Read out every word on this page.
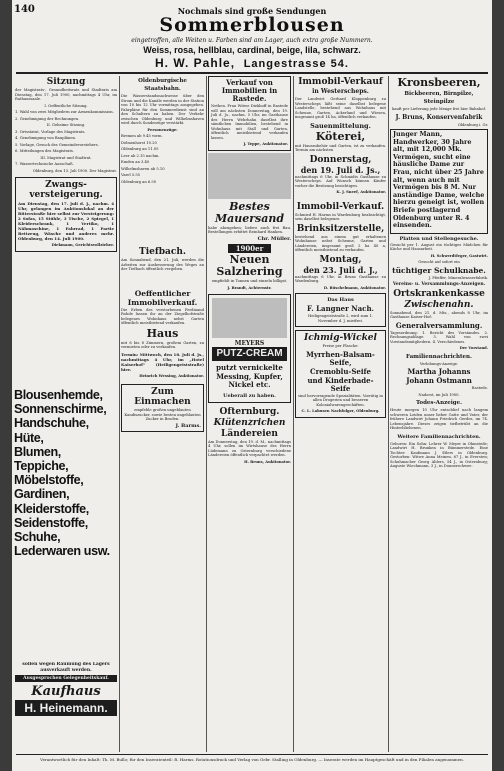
140	Nochmals sind große Sendungen
Sommerblousen
eingetroffen, alle Weiten u. Farben sind am Lager, auch extra große Nummern.
Weiss, rosa, hellblau, cardinal, beige, lila, schwarz.
H. W. Pahle, Langestrasse 54.
Sitzung

der Magistrats-, Gesundheitsrats und Stadtrats am Dienstag, den 17. Juli 1900, nachmittags 4 Uhr, im Rathaussaale.

I. Oeffentliche Sitzung.

1. Wahl von zwei Mitgliedern zur Armenkommission.

2. Genehmigung der Rechnungen.

II. Geheime Sitzung.

3. Ortsstatut, Vorlage des Magistrats.

4. Genehmigung von Bauplänen.

5. Vorlage, Gesuch des Gemeindevorstehers.

6. Mitteilungen des Magistrats.

III. Magistrat und Stadtrat.

7. Wassertechnische Ausschuß.

Oldenburg, den 13. Juli 1900. Der Magistrat.

Zwangs-versteigerung.

Am Dienstag, den 17. Juli d. J., nachm. 4 Uhr, gelangen im Auktionslokal an der Ritterstraße hier selbst zur Versteigerung: 2 Sofas, 15 Stühle, 3 Tische, 2 Spiegel, 1 Kleiderschrank, 1 Vertiko, 1 Nähmaschine, 1 Fahrrad, 1 Partie Bettzeug, Wäsche und anderes mehr. Oldenburg, den 14. Juli 1900.

Diekmann, Gerichtsvollzieher.

Blousenhemde,
Sonnenschirme,
Handschuhe,
Hüte,
Blumen,
Teppiche,
Möbelstoffe,
Gardinen,
Kleiderstoffe,
Seidenstoffe,
Schuhe,
Lederwaren usw.

sollen wegen Räumung des Lagers ausverkauft werden.

Ausgesprochen Gelegenheitskauf.
Kaufhaus
H. Heinemann.
Oldenburgische Staatsbahn.

Die Wasserstandsnachweise über den Strom und die Kanäle werden in der Station von 10 bis 12 Uhr vormittags ausgegeben. Fahrpläne für den Sommerdienst sind an den Schaltern zu haben. Der Verkehr zwischen Oldenburg und Wilhelmshaven wird durch Sonderzüge verstärkt.

Personenzüge:

Bremen ab 9.45 vorm.

Delmenhorst 10.20

Oldenburg an 11.05

Leer ab 2.15 nachm.

Emden an 3.40

Wilhelmshaven ab 5.10

Varel 5.55

Oldenburg an 6.50

Tiefbach.

Am Sonnabend, den 21. Juli, werden die Arbeiten zur Ausbesserung des Weges an der Tiefbach öffentlich vergeben.

Oeffentlicher Immobilverkauf.

Die Erben des verstorbenen Ferdinand Rohde lassen ihr an der Ziegelhofstraße belegenes Wohnhaus nebst Garten öffentlich meistbietend verkaufen.

Haus

mit 6 bis 8 Zimmern, großem Garten, zu vermieten oder zu verkaufen.

Termin: Mittwoch, den 18. Juli d. Js., nachmittags 4 Uhr, im „Hotel Kaiserhof“ (Heiligengeiststraße) hier.

Heinrich Wessing, Auktionator.

Zum Einmachen

empfehle großen ungeblauten Kandiszucker, sowie besten ungeblauten Zucker in Broden.

J. Barms.

Verkauf von Immobilien in Rastede.

Nethen. Frau Witwe Diekhoff in Rastede will am nächsten Donnerstag, den 19. Juli d. Js., nachm. 5 Uhr, im Gasthause des Herrn Wehrhahn daselbst ihre sämtlichen Immobilien, bestehend in Wohnhaus mit Stall und Garten, öffentlich meistbietend verkaufen lassen.

J. Teppe, Auktionator.

Bestes Mauersand

habe abzugeben; liefere auch frei Bau. Bestellungen erbittet Reinhard Hanken.

Chr. Müller.

1900er
Neuen Salzhering

empfiehlt in Tonnen und einzeln billigst.

J. Brandt, Achternstr.

MEYERS
PUTZ-CREAM
putzt vernickelte Messing, Kupfer, Nickel etc.
Ueberall zu haben.
Ofternburg.
Klütenzrichen
Ländereien

Am Donnerstag, den 19. d. M., nachmittags 4 Uhr, sollen im Wirtshause des Herrn Lüdemann zu Osternburg verschiedene Ländereien öffentlich verpachtet werden.

H. Bruns, Auktionator.

Immobil-Verkauf
in Westerscheps.

Der Landwirt Gerhard Kloppenburg zu Westerscheps läßt seine daselbst belegene Landstelle, bestehend aus Wohnhaus mit Scheune, Garten, Ackerland und Wiesen, insgesamt groß 14 ha, öffentlich verkaufen.

Sauenmittelung.
Köterei,

mit Hauszubehör und Garten, ist zu verkaufen. Termin am nächsten

Donnerstag,
den 19. Juli d. Js.,

nachmittags 6 Uhr, in Schmidts Gasthause zu Westerscheps. Auf Wunsch können Käufer vorher die Besitzung besichtigen.

K. J. Sneef, Auktionator.

Immobil-Verkauf.

Schmied H. Harms in Wardenburg beabsichtigt, sein daselbst belegenes

Brinksitzerstelle,

bestehend aus einem gut erhaltenen Wohnhause nebst Scheune, Garten und Ländereien, insgesamt groß 2 ha 40 a, öffentlich meistbietend zu verkaufen.

Montag,
den 23. Juli d. J.,

nachmittags 6 Uhr, in Bruns Gasthause zu Wardenburg.

D. Rüschelmann, Auktionator.

Das Haus
F. Langner Nach.

Heiligengeiststraße 2, wird zum 1. November d. J. mietfrei.

Ichmig-Wickel

Preise per Flasche:

Myrrhen-Balsam-Seife,
Cremoblu-Seife
und Kinderbade-Seife

sind hervorragende Spezialitäten. Vorrätig in allen Drogerien und besseren Kolonialwarengeschäften.

C. L. Lahusen Nachfolger, Oldenburg.

Kronsbeeren,
Bickbeeren, Birnpilze, Steinpilze

kauft per Lieferung jede Menge frei hier Bahnhof.

J. Bruns, Konservenfabrik

Oldenburg i. Gr.

Junger Mann, Handwerker, 30 Jahre alt, mit 12,000 Mk. Vermögen, sucht eine häusliche Dame zur Frau, nicht über 25 Jahre alt, wenn auch mit Vermögen bis 8 M. Nur anständige Dame, welche hierzu geneigt ist, wollen Briefe postlagernd Oldenburg unter R. 4 einsenden.

Platten und Stellengesuche.

Gesucht per 1. August ein tüchtiges Mädchen für Küche und Hausarbeit.

H. Schwerdtfeger, Gastwirt.

Gesucht auf sofort ein

tüchtiger Schulknabe.

J. Pfeiffer, Mineralwasserfabrik.

Vereins- u. Versammlungs-Anzeigen.
Ortskrankenkasse
Zwischenahn.

Sonnabend, den 21. d. Mts., abends 8 Uhr, im Gasthause Kaiser-Hof:

Generalversammlung.

Tagesordnung: 1. Bericht des Vorstandes. 2. Rechnungsablage. 3. Wahl von zwei Vorstandsmitgliedern. 4. Verschiedenes.

Der Vorstand.

Familiennachrichten.

Verlobungs-Anzeige.

Martha Johanns
Johann Ostmann

Rastede.

Nadorst, im Juli 1900.

Todes-Anzeige.

Heute morgen 10 Uhr entschlief nach langem schweren Leiden unser lieber Gatte und Vater, der frühere Landwirt Johann Friedrich Gerdes, im 74. Lebensjahre. Dieses zeigen tiefbetrübt an die Hinterbliebenen.

Weitere Familiennachrichten.

Geboren: Ein Sohn: Lehrer W. Meyer in Ohmstede; Landwirt H. Brunken in Bümmerstede. Eine Tochter: Kaufmann J. Eilers in Oldenburg. Gestorben: Witwe Anna Meinen, 67 J., in Eversten; Schuhmacher Georg Ahlers, 54 J., in Osternburg; Auguste Wiechmann, 3 J., in Donnerschwee.

Verantwortlich für den Inhalt: Th. M. Bullo; für den Inseratenteil: R. Harms. Rotationsdruck und Verlag von Gebr. Stalling in Oldenburg. — Inserate werden im Hauptgeschäft und in den Filialen angenommen.
